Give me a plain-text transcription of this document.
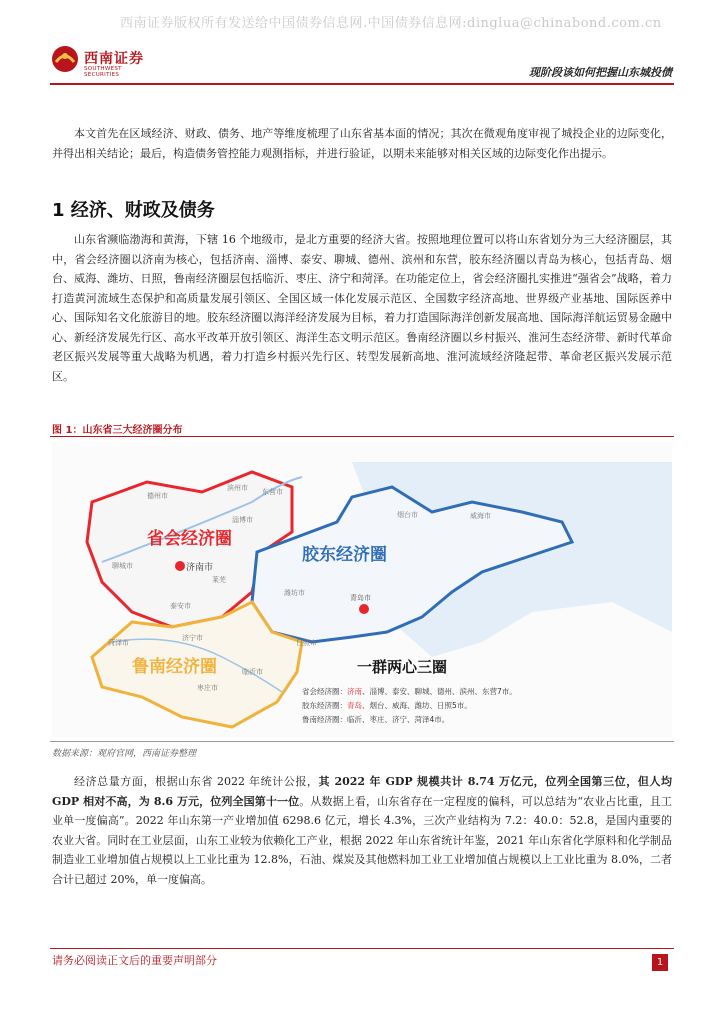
西南证券版权所有发送给中国债券信息网.中国债券信息网:dinglua@chinabond.com.cn
西南证券
SOUTHWEST SECURITIES	现阶段该如何把握山东城投债
本文首先在区域经济、财政、债务、地产等维度梳理了山东省基本面的情况；其次在微观角度审视了城投企业的边际变化，并得出相关结论；最后，构造债务管控能力观测指标，并进行验证，以期未来能够对相关区域的边际变化作出提示。
1 经济、财政及债务
山东省濒临渤海和黄海，下辖 16 个地级市，是北方重要的经济大省。按照地理位置可以将山东省划分为三大经济圈层，其中，省会经济圈以济南为核心，包括济南、淄博、泰安、聊城、德州、滨州和东营，胶东经济圈以青岛为核心，包括青岛、烟台、威海、潍坊、日照，鲁南经济圈层包括临沂、枣庄、济宁和菏泽。在功能定位上，省会经济圈扎实推进“强省会”战略，着力打造黄河流域生态保护和高质量发展引领区、全国区域一体化发展示范区、全国数字经济高地、世界级产业基地、国际医养中心、国际知名文化旅游目的地。胶东经济圈以海洋经济发展为目标，着力打造国际海洋创新发展高地、国际海洋航运贸易金融中心、新经济发展先行区、高水平改革开放引领区、海洋生态文明示范区。鲁南经济圈以乡村振兴、淮河生态经济带、新时代革命老区振兴发展等重大战略为机遇，着力打造乡村振兴先行区、转型发展新高地、淮河流域经济隆起带、革命老区振兴发展示范区。
图 1：山东省三大经济圈分布
省会经济圈
胶东经济圈
鲁南经济圈
济南市
青岛市
德州市
滨州市 东营市
淄博市
聊城市
泰安市
莱芜
烟台市	威海市
潍坊市
日照市
菏泽市
济宁市
枣庄市
临沂市	一群两心三圈
省会经济圈：济南、淄博、泰安、聊城、德州、滨州、东营7市。
胶东经济圈：青岛、烟台、威海、潍坊、日照5市。
鲁南经济圈：临沂、枣庄、济宁、菏泽4市。
数据来源：观府官网，西南证券整理
经济总量方面，根据山东省 2022 年统计公报，其 2022 年 GDP 规模共计 8.74 万亿元，位列全国第三位，但人均 GDP 相对不高，为 8.6 万元，位列全国第十一位。从数据上看，山东省存在一定程度的偏科，可以总结为“农业占比重，且工业单一度偏高”。2022 年山东第一产业增加值 6298.6 亿元，增长 4.3%，三次产业结构为 7.2：40.0：52.8，是国内重要的农业大省。同时在工业层面，山东工业较为依赖化工产业，根据 2022 年山东省统计年鉴，2021 年山东省化学原料和化学制品制造业工业增加值占规模以上工业比重为 12.8%，石油、煤炭及其他燃料加工业工业增加值占规模以上工业比重为 8.0%，二者合计已超过 20%，单一度偏高。
请务必阅读正文后的重要声明部分	1
